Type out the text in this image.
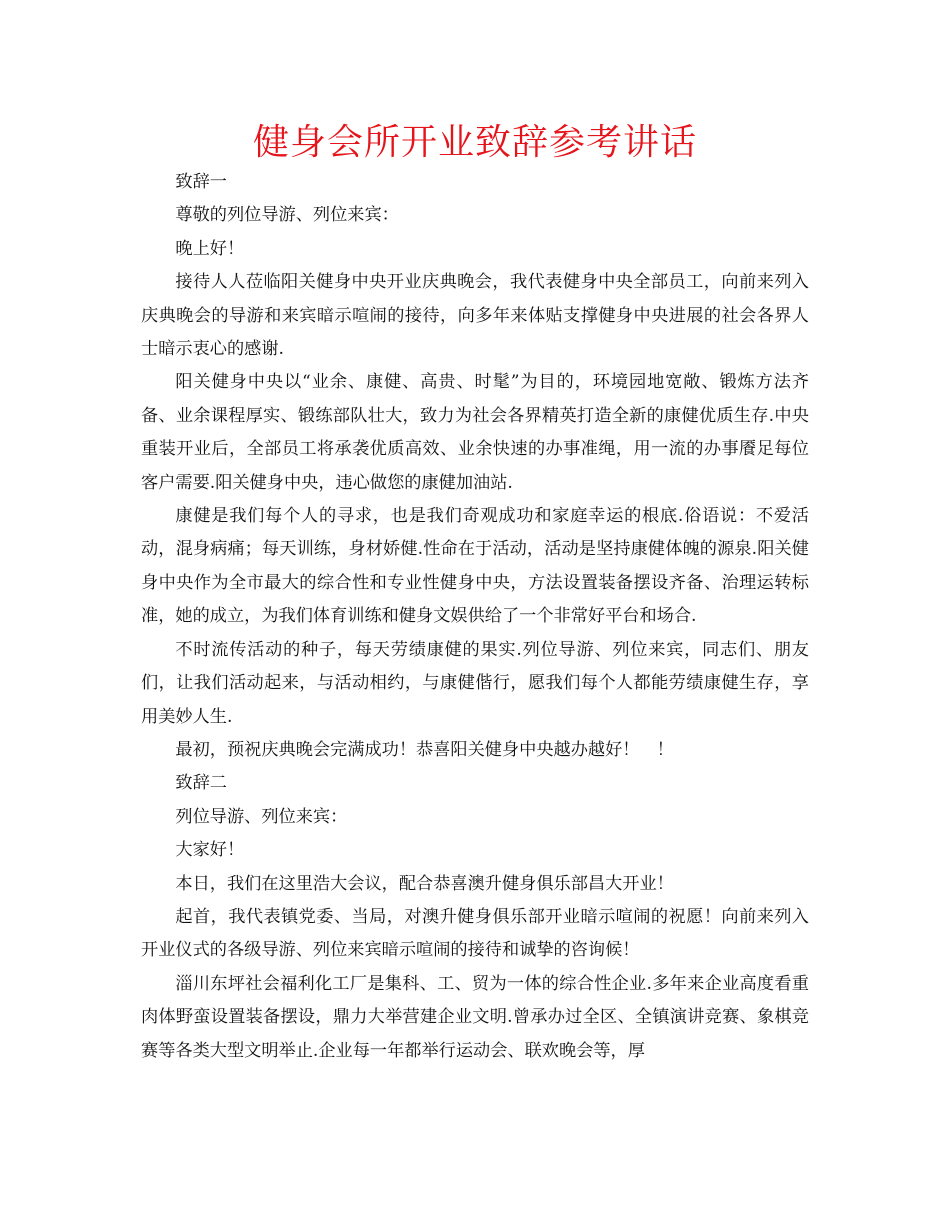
健身会所开业致辞参考讲话

致辞一

尊敬的列位导游、列位来宾：

晚上好！

接待人人莅临阳关健身中央开业庆典晚会，我代表健身中央全部员工，向前来列入庆典晚会的导游和来宾暗示喧闹的接待，向多年来体贴支撑健身中央进展的社会各界人士暗示衷心的感谢.

阳关健身中央以“业余、康健、高贵、时髦”为目的，环境园地宽敞、锻炼方法齐备、业余课程厚实、锻练部队壮大，致力为社会各界精英打造全新的康健优质生存.中央重装开业后，全部员工将承袭优质高效、业余快速的办事准绳，用一流的办事餍足每位客户需要.阳关健身中央，违心做您的康健加油站.

康健是我们每个人的寻求，也是我们奇观成功和家庭幸运的根底.俗语说：不爱活动，混身病痛；每天训练，身材娇健.性命在于活动，活动是坚持康健体魄的源泉.阳关健身中央作为全市最大的综合性和专业性健身中央，方法设置装备摆设齐备、治理运转标准，她的成立，为我们体育训练和健身文娱供给了一个非常好平台和场合.

不时流传活动的种子，每天劳绩康健的果实.列位导游、列位来宾，同志们、朋友们，让我们活动起来，与活动相约，与康健偕行，愿我们每个人都能劳绩康健生存，享用美妙人生.

最初，预祝庆典晚会完满成功！恭喜阳关健身中央越办越好！　！

致辞二

列位导游、列位来宾：

大家好！

本日，我们在这里浩大会议，配合恭喜澳升健身俱乐部昌大开业！

起首，我代表镇党委、当局，对澳升健身俱乐部开业暗示喧闹的祝愿！向前来列入开业仪式的各级导游、列位来宾暗示喧闹的接待和诚挚的咨询候！

淄川东坪社会福利化工厂是集科、工、贸为一体的综合性企业.多年来企业高度看重肉体野蛮设置装备摆设，鼎力大举营建企业文明.曾承办过全区、全镇演讲竞赛、象棋竞赛等各类大型文明举止.企业每一年都举行运动会、联欢晚会等，厚
